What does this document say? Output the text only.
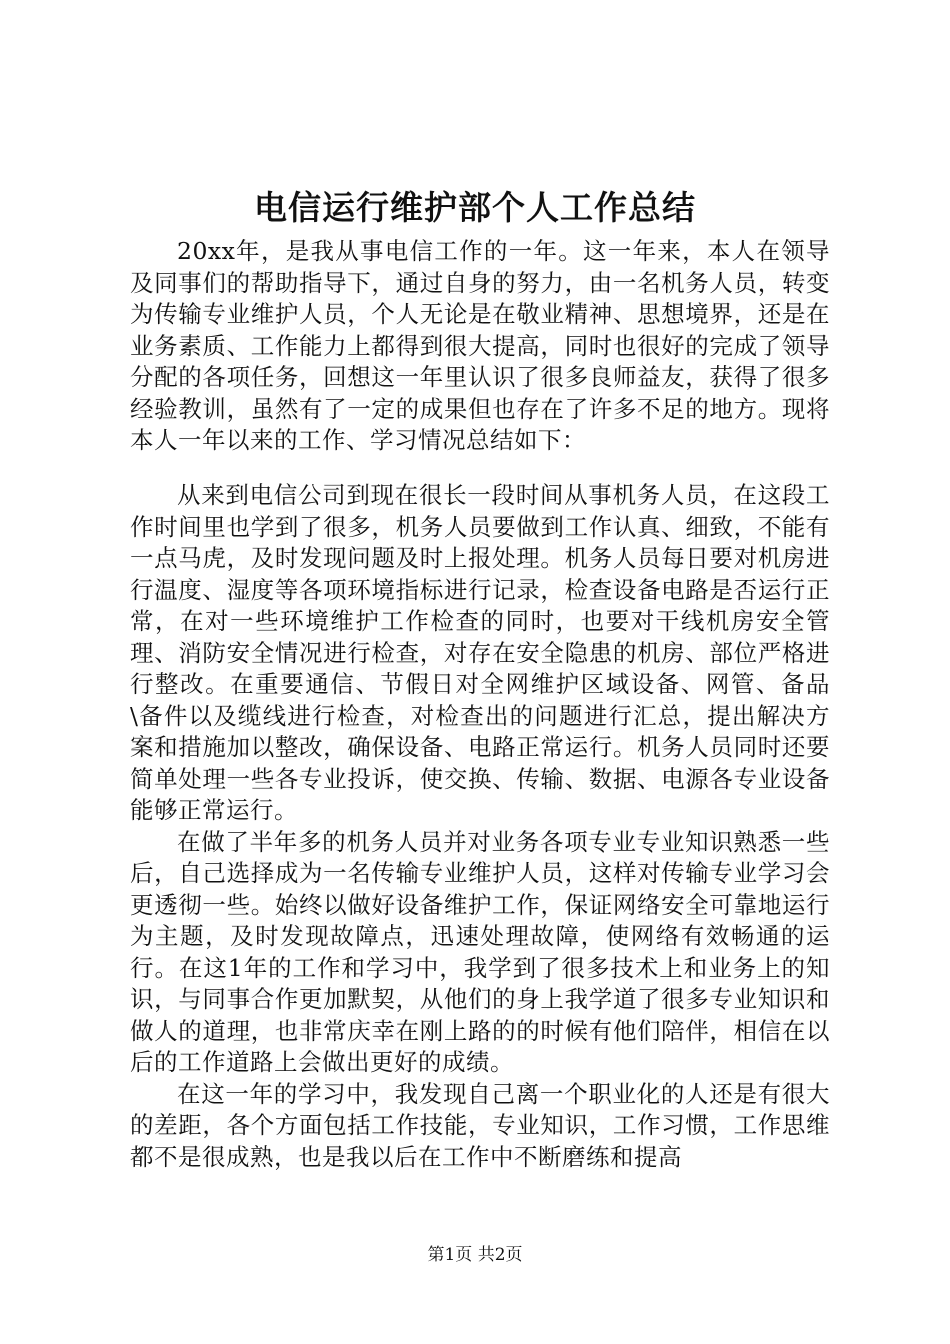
电信运行维护部个人工作总结

20xx年，是我从事电信工作的一年。这一年来，本人在领导及同事们的帮助指导下，通过自身的努力，由一名机务人员，转变为传输专业维护人员，个人无论是在敬业精神、思想境界，还是在业务素质、工作能力上都得到很大提高，同时也很好的完成了领导分配的各项任务，回想这一年里认识了很多良师益友，获得了很多经验教训，虽然有了一定的成果但也存在了许多不足的地方。现将本人一年以来的工作、学习情况总结如下：

从来到电信公司到现在很长一段时间从事机务人员，在这段工作时间里也学到了很多，机务人员要做到工作认真、细致，不能有一点马虎，及时发现问题及时上报处理。机务人员每日要对机房进行温度、湿度等各项环境指标进行记录，检查设备电路是否运行正常，在对一些环境维护工作检查的同时，也要对干线机房安全管理、消防安全情况进行检查，对存在安全隐患的机房、部位严格进行整改。在重要通信、节假日对全网维护区域设备、网管、备品\备件以及缆线进行检查，对检查出的问题进行汇总，提出解决方案和措施加以整改，确保设备、电路正常运行。机务人员同时还要简单处理一些各专业投诉，使交换、传输、数据、电源各专业设备能够正常运行。

在做了半年多的机务人员并对业务各项专业专业知识熟悉一些后，自己选择成为一名传输专业维护人员，这样对传输专业学习会更透彻一些。始终以做好设备维护工作，保证网络安全可靠地运行为主题，及时发现故障点，迅速处理故障，使网络有效畅通的运行。在这1年的工作和学习中，我学到了很多技术上和业务上的知识，与同事合作更加默契，从他们的身上我学道了很多专业知识和做人的道理，也非常庆幸在刚上路的的时候有他们陪伴，相信在以后的工作道路上会做出更好的成绩。

在这一年的学习中，我发现自己离一个职业化的人还是有很大的差距，各个方面包括工作技能，专业知识，工作习惯，工作思维都不是很成熟，也是我以后在工作中不断磨练和提高

第1页 共2页
